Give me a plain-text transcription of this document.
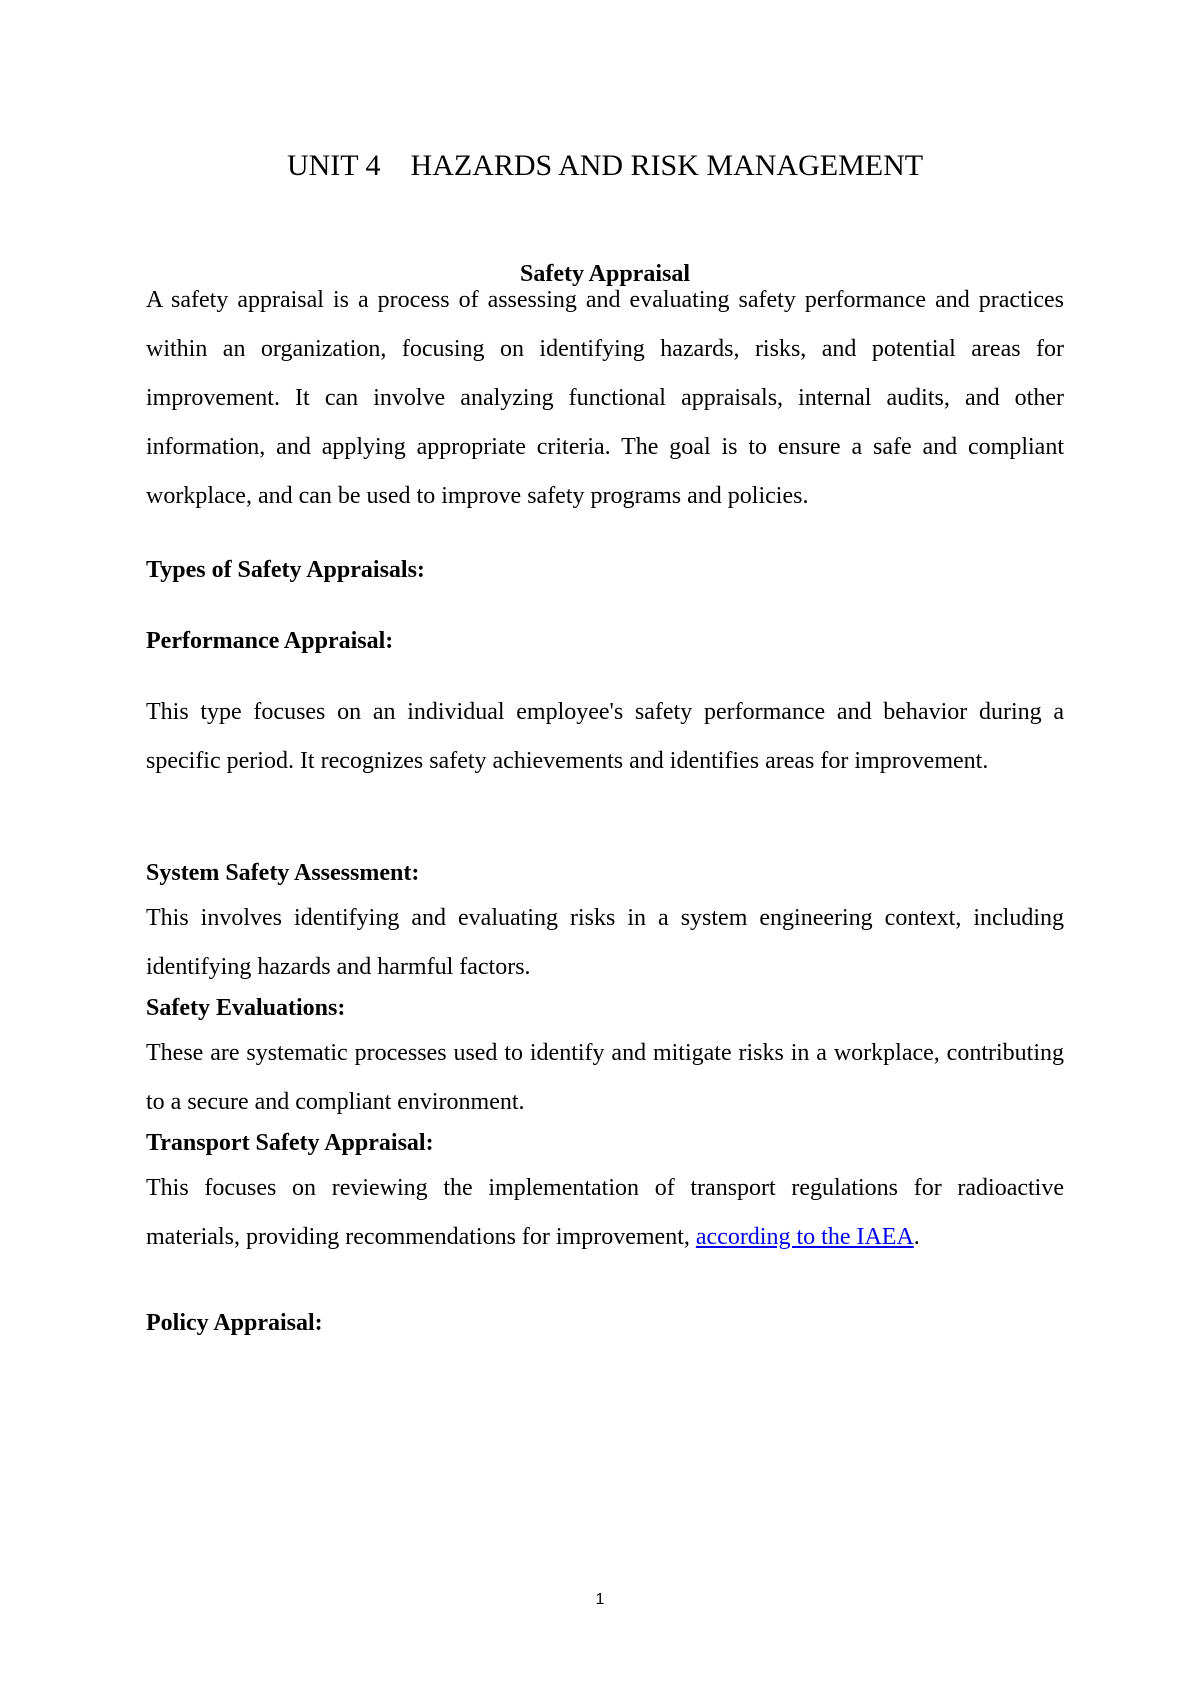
UNIT 4    HAZARDS AND RISK MANAGEMENT
Safety Appraisal

A safety appraisal is a process of assessing and evaluating safety performance and practices within an organization, focusing on identifying hazards, risks, and potential areas for improvement. It can involve analyzing functional appraisals, internal audits, and other information, and applying appropriate criteria. The goal is to ensure a safe and compliant workplace, and can be used to improve safety programs and policies.

Types of Safety Appraisals:

Performance Appraisal:

This type focuses on an individual employee's safety performance and behavior during a specific period. It recognizes safety achievements and identifies areas for improvement.

System Safety Assessment:

This involves identifying and evaluating risks in a system engineering context, including identifying hazards and harmful factors.

Safety Evaluations:

These are systematic processes used to identify and mitigate risks in a workplace, contributing to a secure and compliant environment.

Transport Safety Appraisal:

This focuses on reviewing the implementation of transport regulations for radioactive materials, providing recommendations for improvement, according to the IAEA.

Policy Appraisal:

1
